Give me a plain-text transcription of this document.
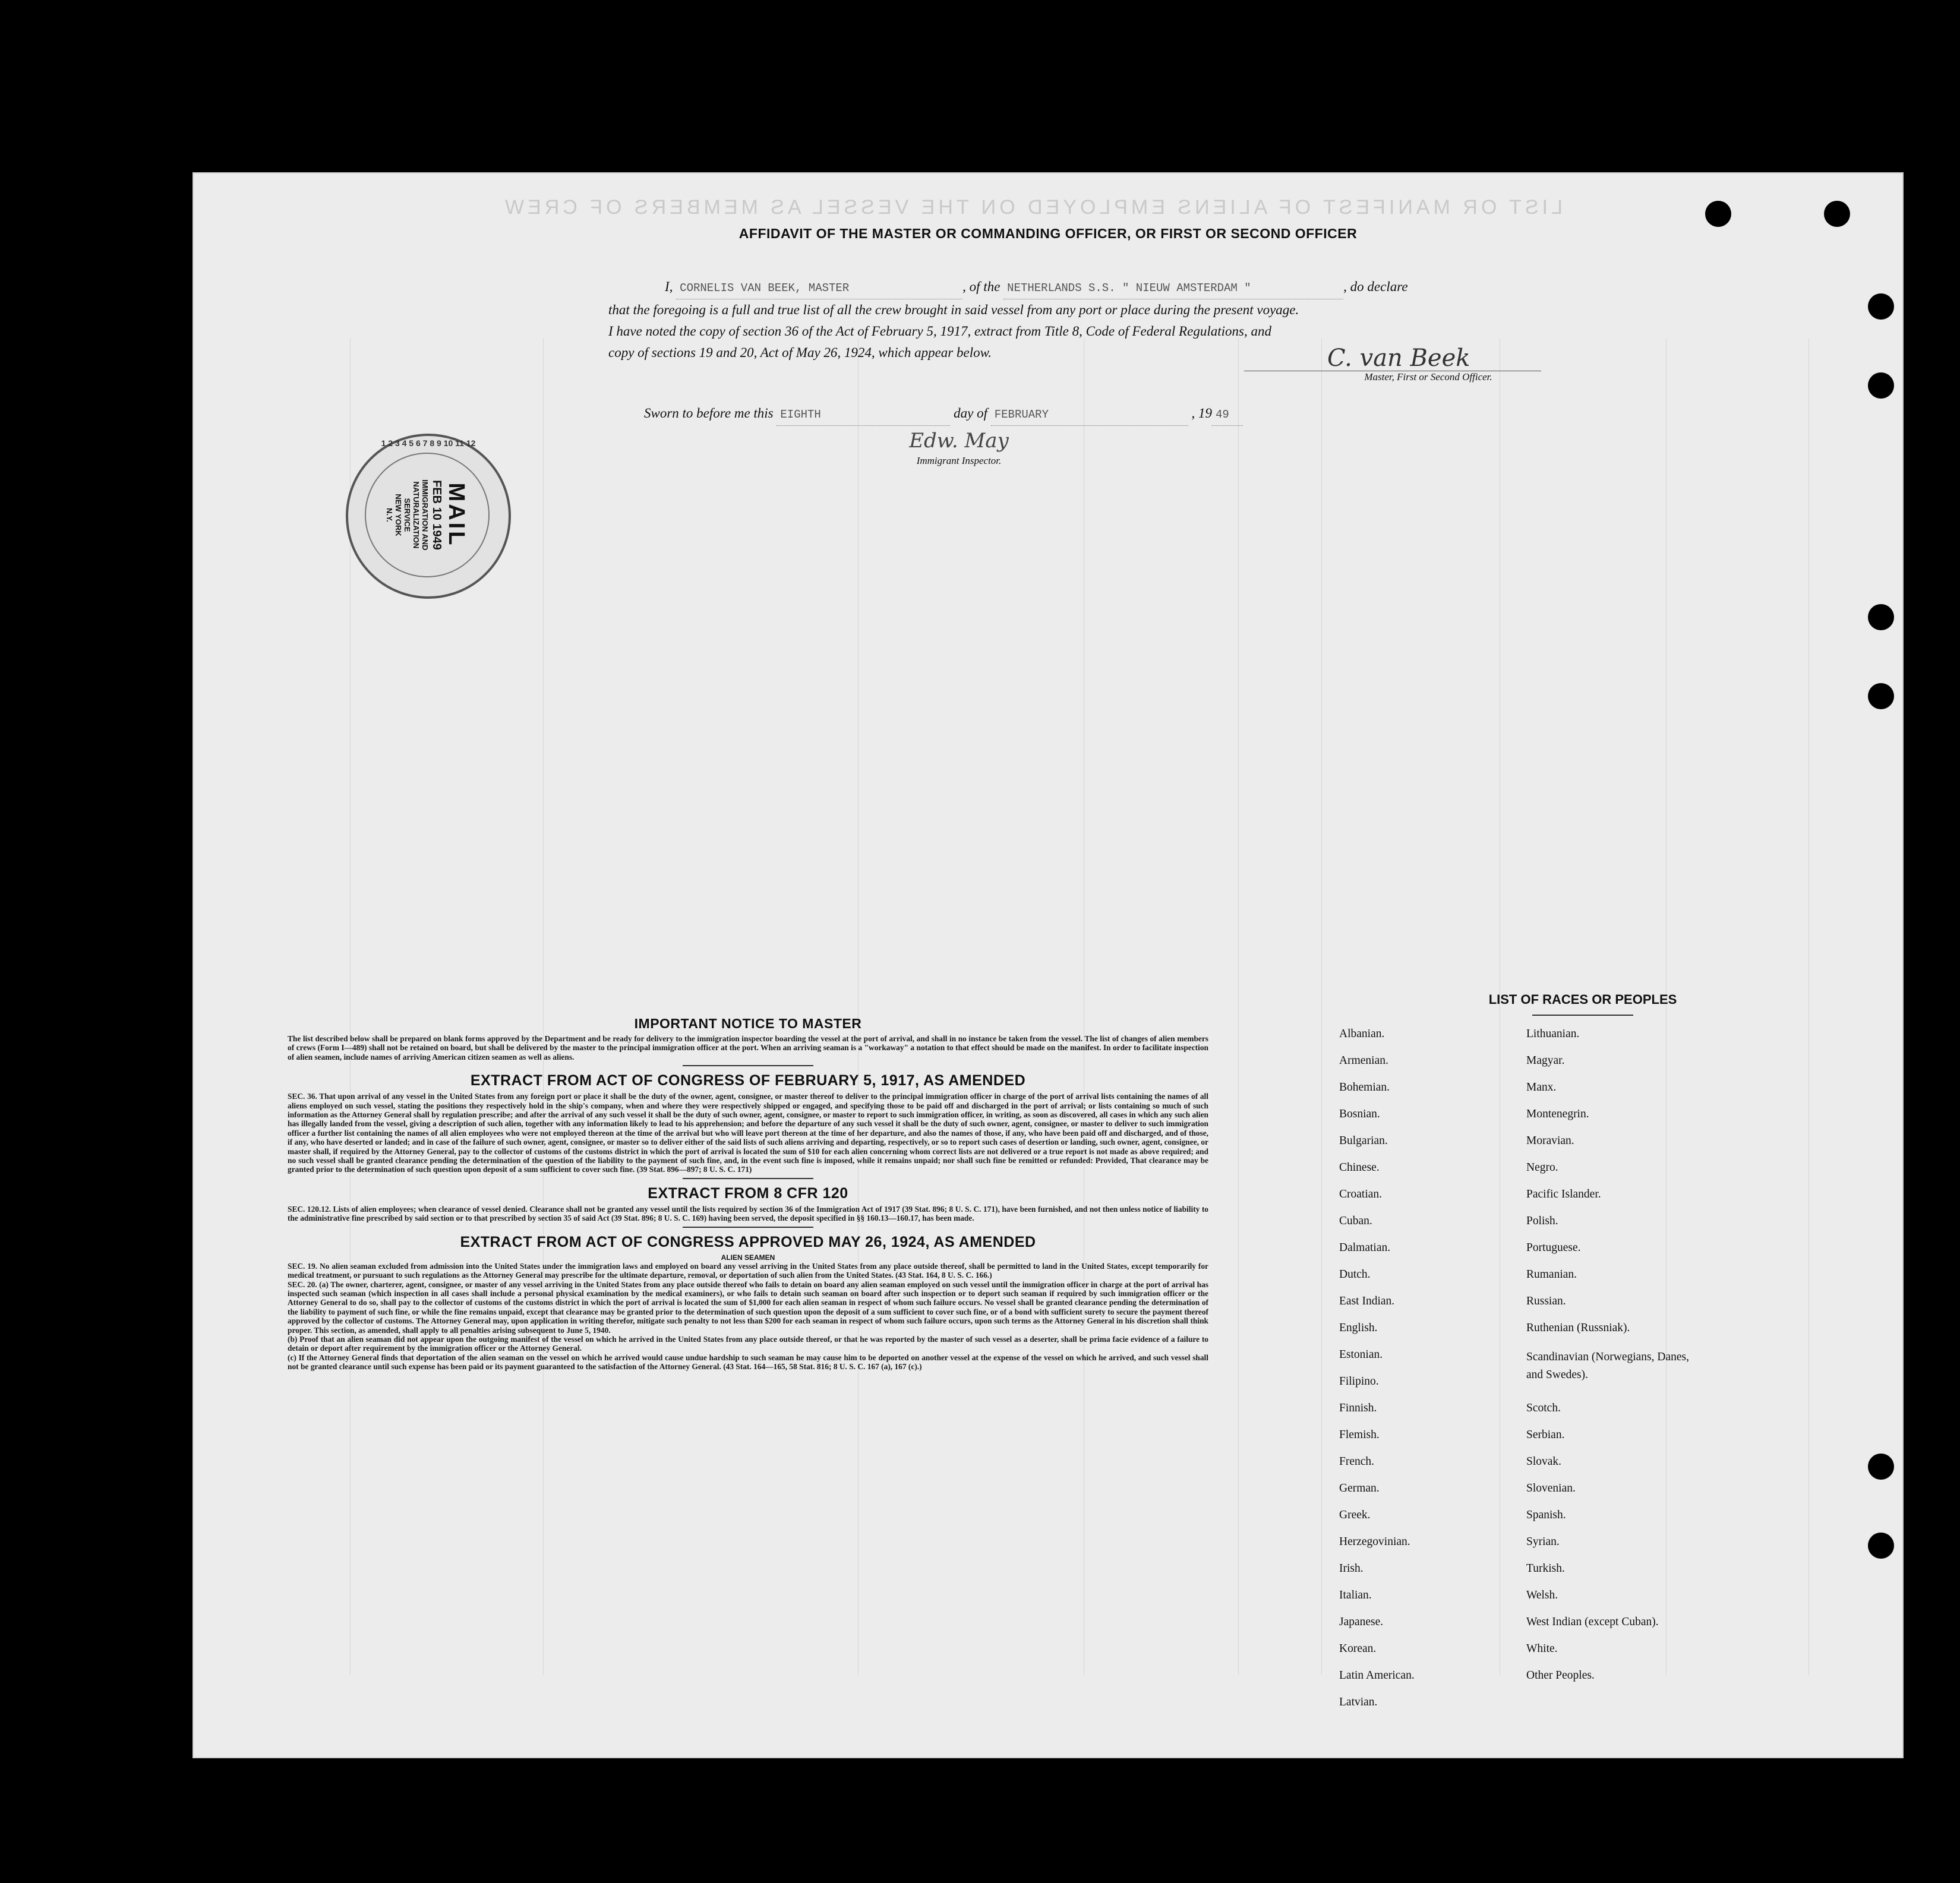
LIST OR MANIFEST OF ALIENS EMPLOYED ON THE VESSEL AS MEMBERS OF CREW
AFFIDAVIT OF THE MASTER OR COMMANDING OFFICER, OR FIRST OR SECOND OFFICER
I, CORNELIS VAN BEEK, MASTER	, of the NETHERLANDS S.S. " NIEUW AMSTERDAM "	, do declare
that the foregoing is a full and true list of all the crew brought in said vessel from any port or place during the present voyage.
I have noted the copy of section 36 of the Act of February 5, 1917, extract from Title 8, Code of Federal Regulations, and
copy of sections 19 and 20, Act of May 26, 1924, which appear below.	C. van Beek
Master, First or Second Officer.
Sworn to before me this EIGHTH	day of FEBRUARY	, 19 49
Edw. May
Immigrant Inspector.
MAIL
FEB 10 1949
IMMIGRATION AND
NATURALIZATION
SERVICE
NEW YORK
N.Y.
1 2 3 4 5 6 7 8 9 10 11 12
IMPORTANT NOTICE TO MASTER

The list described below shall be prepared on blank forms approved by the Department and be ready for delivery to the immigration inspector boarding the vessel at the port of arrival, and shall in no instance be taken from the vessel. The list of changes of alien members of crews (Form I—489) shall not be retained on board, but shall be delivered by the master to the principal immigration officer at the port. When an arriving seaman is a "workaway" a notation to that effect should be made on the manifest. In order to facilitate inspection of alien seamen, include names of arriving American citizen seamen as well as aliens.

EXTRACT FROM ACT OF CONGRESS OF FEBRUARY 5, 1917, AS AMENDED

SEC. 36. That upon arrival of any vessel in the United States from any foreign port or place it shall be the duty of the owner, agent, consignee, or master thereof to deliver to the principal immigration officer in charge of the port of arrival lists containing the names of all aliens employed on such vessel, stating the positions they respectively hold in the ship's company, when and where they were respectively shipped or engaged, and specifying those to be paid off and discharged in the port of arrival; or lists containing so much of such information as the Attorney General shall by regulation prescribe; and after the arrival of any such vessel it shall be the duty of such owner, agent, consignee, or master to report to such immigration officer, in writing, as soon as discovered, all cases in which any such alien has illegally landed from the vessel, giving a description of such alien, together with any information likely to lead to his apprehension; and before the departure of any such vessel it shall be the duty of such owner, agent, consignee, or master to deliver to such immigration officer a further list containing the names of all alien employees who were not employed thereon at the time of the arrival but who will leave port thereon at the time of her departure, and also the names of those, if any, who have been paid off and discharged, and of those, if any, who have deserted or landed; and in case of the failure of such owner, agent, consignee, or master so to deliver either of the said lists of such aliens arriving and departing, respectively, or so to report such cases of desertion or landing, such owner, agent, consignee, or master shall, if required by the Attorney General, pay to the collector of customs of the customs district in which the port of arrival is located the sum of $10 for each alien concerning whom correct lists are not delivered or a true report is not made as above required; and no such vessel shall be granted clearance pending the determination of the question of the liability to the payment of such fine, and, in the event such fine is imposed, while it remains unpaid; nor shall such fine be remitted or refunded: Provided, That clearance may be granted prior to the determination of such question upon deposit of a sum sufficient to cover such fine. (39 Stat. 896—897; 8 U. S. C. 171)

EXTRACT FROM 8 CFR 120

SEC. 120.12. Lists of alien employees; when clearance of vessel denied. Clearance shall not be granted any vessel until the lists required by section 36 of the Immigration Act of 1917 (39 Stat. 896; 8 U. S. C. 171), have been furnished, and not then unless notice of liability to the administrative fine prescribed by said section or to that prescribed by section 35 of said Act (39 Stat. 896; 8 U. S. C. 169) having been served, the deposit specified in §§ 160.13—160.17, has been made.

EXTRACT FROM ACT OF CONGRESS APPROVED MAY 26, 1924, AS AMENDED
ALIEN SEAMEN

SEC. 19. No alien seaman excluded from admission into the United States under the immigration laws and employed on board any vessel arriving in the United States from any place outside thereof, shall be permitted to land in the United States, except temporarily for medical treatment, or pursuant to such regulations as the Attorney General may prescribe for the ultimate departure, removal, or deportation of such alien from the United States. (43 Stat. 164, 8 U. S. C. 166.)

SEC. 20. (a) The owner, charterer, agent, consignee, or master of any vessel arriving in the United States from any place outside thereof who fails to detain on board any alien seaman employed on such vessel until the immigration officer in charge at the port of arrival has inspected such seaman (which inspection in all cases shall include a personal physical examination by the medical examiners), or who fails to detain such seaman on board after such inspection or to deport such seaman if required by such immigration officer or the Attorney General to do so, shall pay to the collector of customs of the customs district in which the port of arrival is located the sum of $1,000 for each alien seaman in respect of whom such failure occurs. No vessel shall be granted clearance pending the determination of the liability to payment of such fine, or while the fine remains unpaid, except that clearance may be granted prior to the determination of such question upon the deposit of a sum sufficient to cover such fine, or of a bond with sufficient surety to secure the payment thereof approved by the collector of customs. The Attorney General may, upon application in writing therefor, mitigate such penalty to not less than $200 for each seaman in respect of whom such failure occurs, upon such terms as the Attorney General in his discretion shall think proper. This section, as amended, shall apply to all penalties arising subsequent to June 5, 1940.

(b) Proof that an alien seaman did not appear upon the outgoing manifest of the vessel on which he arrived in the United States from any place outside thereof, or that he was reported by the master of such vessel as a deserter, shall be prima facie evidence of a failure to detain or deport after requirement by the immigration officer or the Attorney General.

(c) If the Attorney General finds that deportation of the alien seaman on the vessel on which he arrived would cause undue hardship to such seaman he may cause him to be deported on another vessel at the expense of the vessel on which he arrived, and such vessel shall not be granted clearance until such expense has been paid or its payment guaranteed to the satisfaction of the Attorney General. (43 Stat. 164—165, 58 Stat. 816; 8 U. S. C. 167 (a), 167 (c).)

LIST OF RACES OR PEOPLES
Albanian.
Armenian.
Bohemian.
Bosnian.
Bulgarian.
Chinese.
Croatian.
Cuban.
Dalmatian.
Dutch.
East Indian.
English.
Estonian.
Filipino.
Finnish.
Flemish.
French.
German.
Greek.
Herzegovinian.
Irish.
Italian.
Japanese.
Korean.
Latin American.
Latvian.
Lithuanian.
Magyar.
Manx.
Montenegrin.
Moravian.
Negro.
Pacific Islander.
Polish.
Portuguese.
Rumanian.
Russian.
Ruthenian (Russniak).
Scandinavian (Norwegians, Danes, and Swedes).
Scotch.
Serbian.
Slovak.
Slovenian.
Spanish.
Syrian.
Turkish.
Welsh.
West Indian (except Cuban).
White.
Other Peoples.
